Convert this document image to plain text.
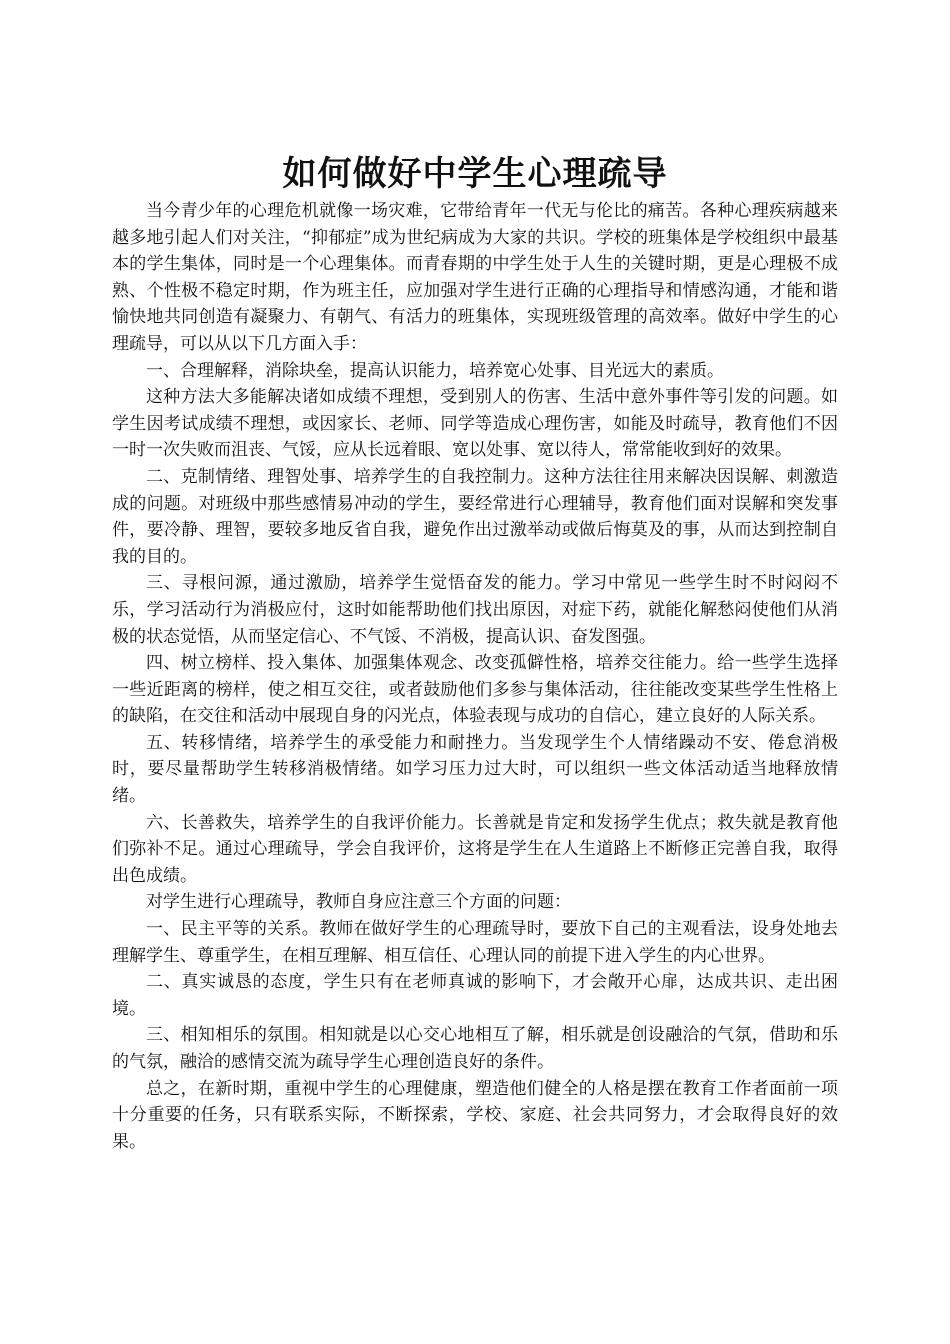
如何做好中学生心理疏导

当今青少年的心理危机就像一场灾难，它带给青年一代无与伦比的痛苦。各种心理疾病越来越多地引起人们对关注，“抑郁症”成为世纪病成为大家的共识。学校的班集体是学校组织中最基本的学生集体，同时是一个心理集体。而青春期的中学生处于人生的关键时期，更是心理极不成熟、个性极不稳定时期，作为班主任，应加强对学生进行正确的心理指导和情感沟通，才能和谐愉快地共同创造有凝聚力、有朝气、有活力的班集体，实现班级管理的高效率。做好中学生的心理疏导，可以从以下几方面入手：

一、合理解释，消除块垒，提高认识能力，培养宽心处事、目光远大的素质。

这种方法大多能解决诸如成绩不理想，受到别人的伤害、生活中意外事件等引发的问题。如学生因考试成绩不理想，或因家长、老师、同学等造成心理伤害，如能及时疏导，教育他们不因一时一次失败而沮丧、气馁，应从长远着眼、宽以处事、宽以待人，常常能收到好的效果。

二、克制情绪、理智处事、培养学生的自我控制力。这种方法往往用来解决因误解、刺激造成的问题。对班级中那些感情易冲动的学生，要经常进行心理辅导，教育他们面对误解和突发事件，要冷静、理智，要较多地反省自我，避免作出过激举动或做后悔莫及的事，从而达到控制自我的目的。

三、寻根问源，通过激励，培养学生觉悟奋发的能力。学习中常见一些学生时不时闷闷不乐，学习活动行为消极应付，这时如能帮助他们找出原因，对症下药，就能化解愁闷使他们从消极的状态觉悟，从而坚定信心、不气馁、不消极，提高认识、奋发图强。

四、树立榜样、投入集体、加强集体观念、改变孤僻性格，培养交往能力。给一些学生选择一些近距离的榜样，使之相互交往，或者鼓励他们多参与集体活动，往往能改变某些学生性格上的缺陷，在交往和活动中展现自身的闪光点，体验表现与成功的自信心，建立良好的人际关系。

五、转移情绪，培养学生的承受能力和耐挫力。当发现学生个人情绪躁动不安、倦怠消极时，要尽量帮助学生转移消极情绪。如学习压力过大时，可以组织一些文体活动适当地释放情绪。

六、长善救失，培养学生的自我评价能力。长善就是肯定和发扬学生优点；救失就是教育他们弥补不足。通过心理疏导，学会自我评价，这将是学生在人生道路上不断修正完善自我，取得出色成绩。

对学生进行心理疏导，教师自身应注意三个方面的问题：

一、民主平等的关系。教师在做好学生的心理疏导时，要放下自己的主观看法，设身处地去理解学生、尊重学生，在相互理解、相互信任、心理认同的前提下进入学生的内心世界。

二、真实诚恳的态度，学生只有在老师真诚的影响下，才会敞开心扉，达成共识、走出困境。

三、相知相乐的氛围。相知就是以心交心地相互了解，相乐就是创设融洽的气氛，借助和乐的气氛，融洽的感情交流为疏导学生心理创造良好的条件。

总之，在新时期，重视中学生的心理健康，塑造他们健全的人格是摆在教育工作者面前一项十分重要的任务，只有联系实际，不断探索，学校、家庭、社会共同努力，才会取得良好的效果。
